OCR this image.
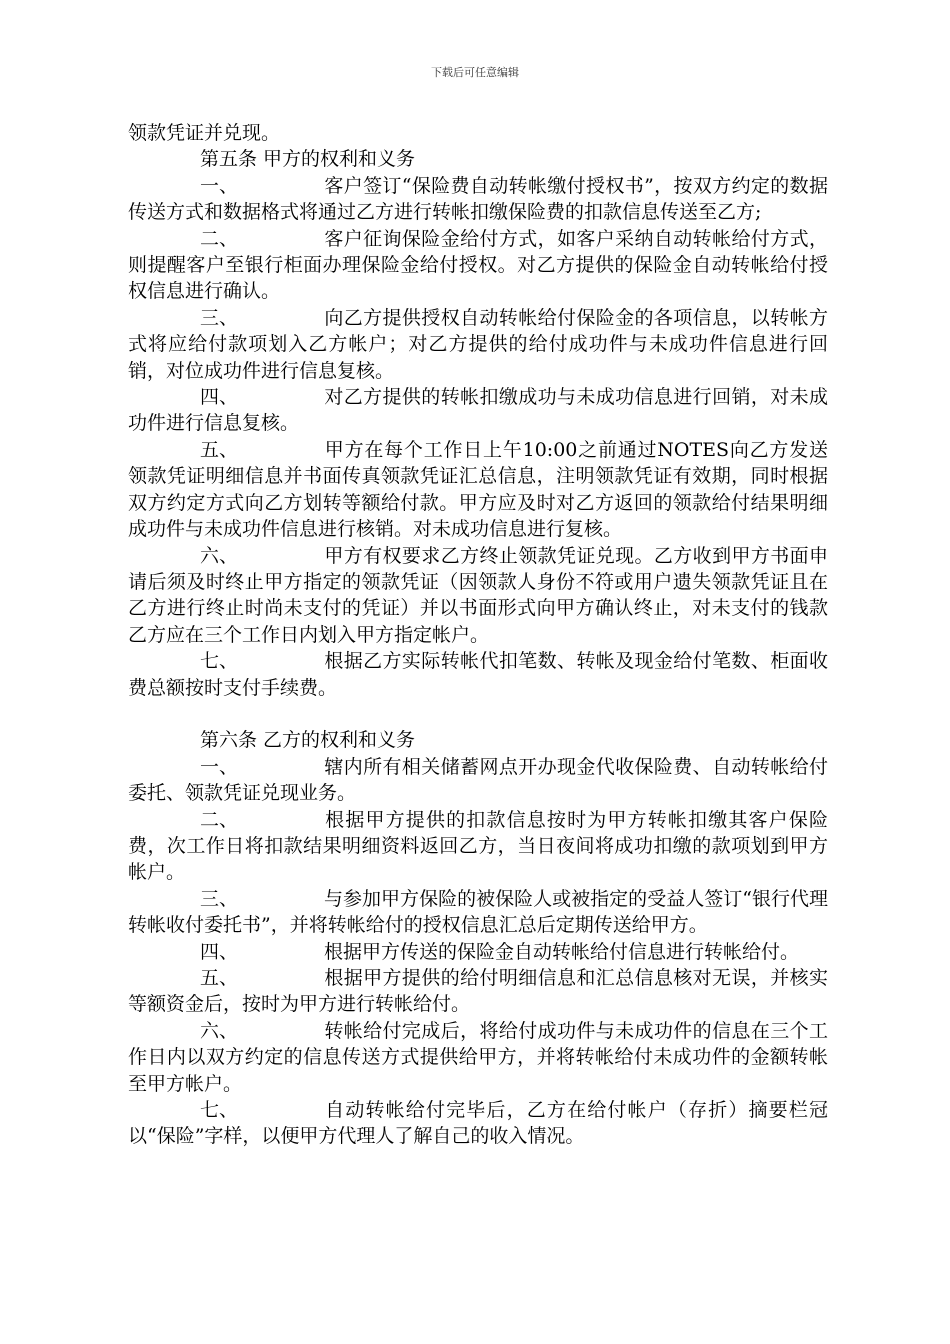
下载后可任意编辑

领款凭证并兑现。

第五条 甲方的权利和义务

一、	客户签订“保险费自动转帐缴付授权书”，按双方约定的数据传送方式和数据格式将通过乙方进行转帐扣缴保险费的扣款信息传送至乙方;

二、	客户征询保险金给付方式，如客户采纳自动转帐给付方式，则提醒客户至银行柜面办理保险金给付授权。对乙方提供的保险金自动转帐给付授权信息进行确认。

三、	向乙方提供授权自动转帐给付保险金的各项信息，以转帐方式将应给付款项划入乙方帐户；对乙方提供的给付成功件与未成功件信息进行回销，对位成功件进行信息复核。

四、	对乙方提供的转帐扣缴成功与未成功信息进行回销，对未成功件进行信息复核。

五、	甲方在每个工作日上午10:00之前通过NOTES向乙方发送领款凭证明细信息并书面传真领款凭证汇总信息，注明领款凭证有效期，同时根据双方约定方式向乙方划转等额给付款。甲方应及时对乙方返回的领款给付结果明细成功件与未成功件信息进行核销。对未成功信息进行复核。

六、	甲方有权要求乙方终止领款凭证兑现。乙方收到甲方书面申请后须及时终止甲方指定的领款凭证（因领款人身份不符或用户遗失领款凭证且在乙方进行终止时尚未支付的凭证）并以书面形式向甲方确认终止，对未支付的钱款乙方应在三个工作日内划入甲方指定帐户。

七、	根据乙方实际转帐代扣笔数、转帐及现金给付笔数、柜面收费总额按时支付手续费。

第六条 乙方的权利和义务

一、	辖内所有相关储蓄网点开办现金代收保险费、自动转帐给付委托、领款凭证兑现业务。

二、	根据甲方提供的扣款信息按时为甲方转帐扣缴其客户保险费，次工作日将扣款结果明细资料返回乙方，当日夜间将成功扣缴的款项划到甲方帐户。

三、	与参加甲方保险的被保险人或被指定的受益人签订“银行代理转帐收付委托书”，并将转帐给付的授权信息汇总后定期传送给甲方。

四、	根据甲方传送的保险金自动转帐给付信息进行转帐给付。

五、	根据甲方提供的给付明细信息和汇总信息核对无误，并核实等额资金后，按时为甲方进行转帐给付。

六、	转帐给付完成后，将给付成功件与未成功件的信息在三个工作日内以双方约定的信息传送方式提供给甲方，并将转帐给付未成功件的金额转帐至甲方帐户。

七、	自动转帐给付完毕后，乙方在给付帐户（存折）摘要栏冠以“保险”字样，以便甲方代理人了解自己的收入情况。
